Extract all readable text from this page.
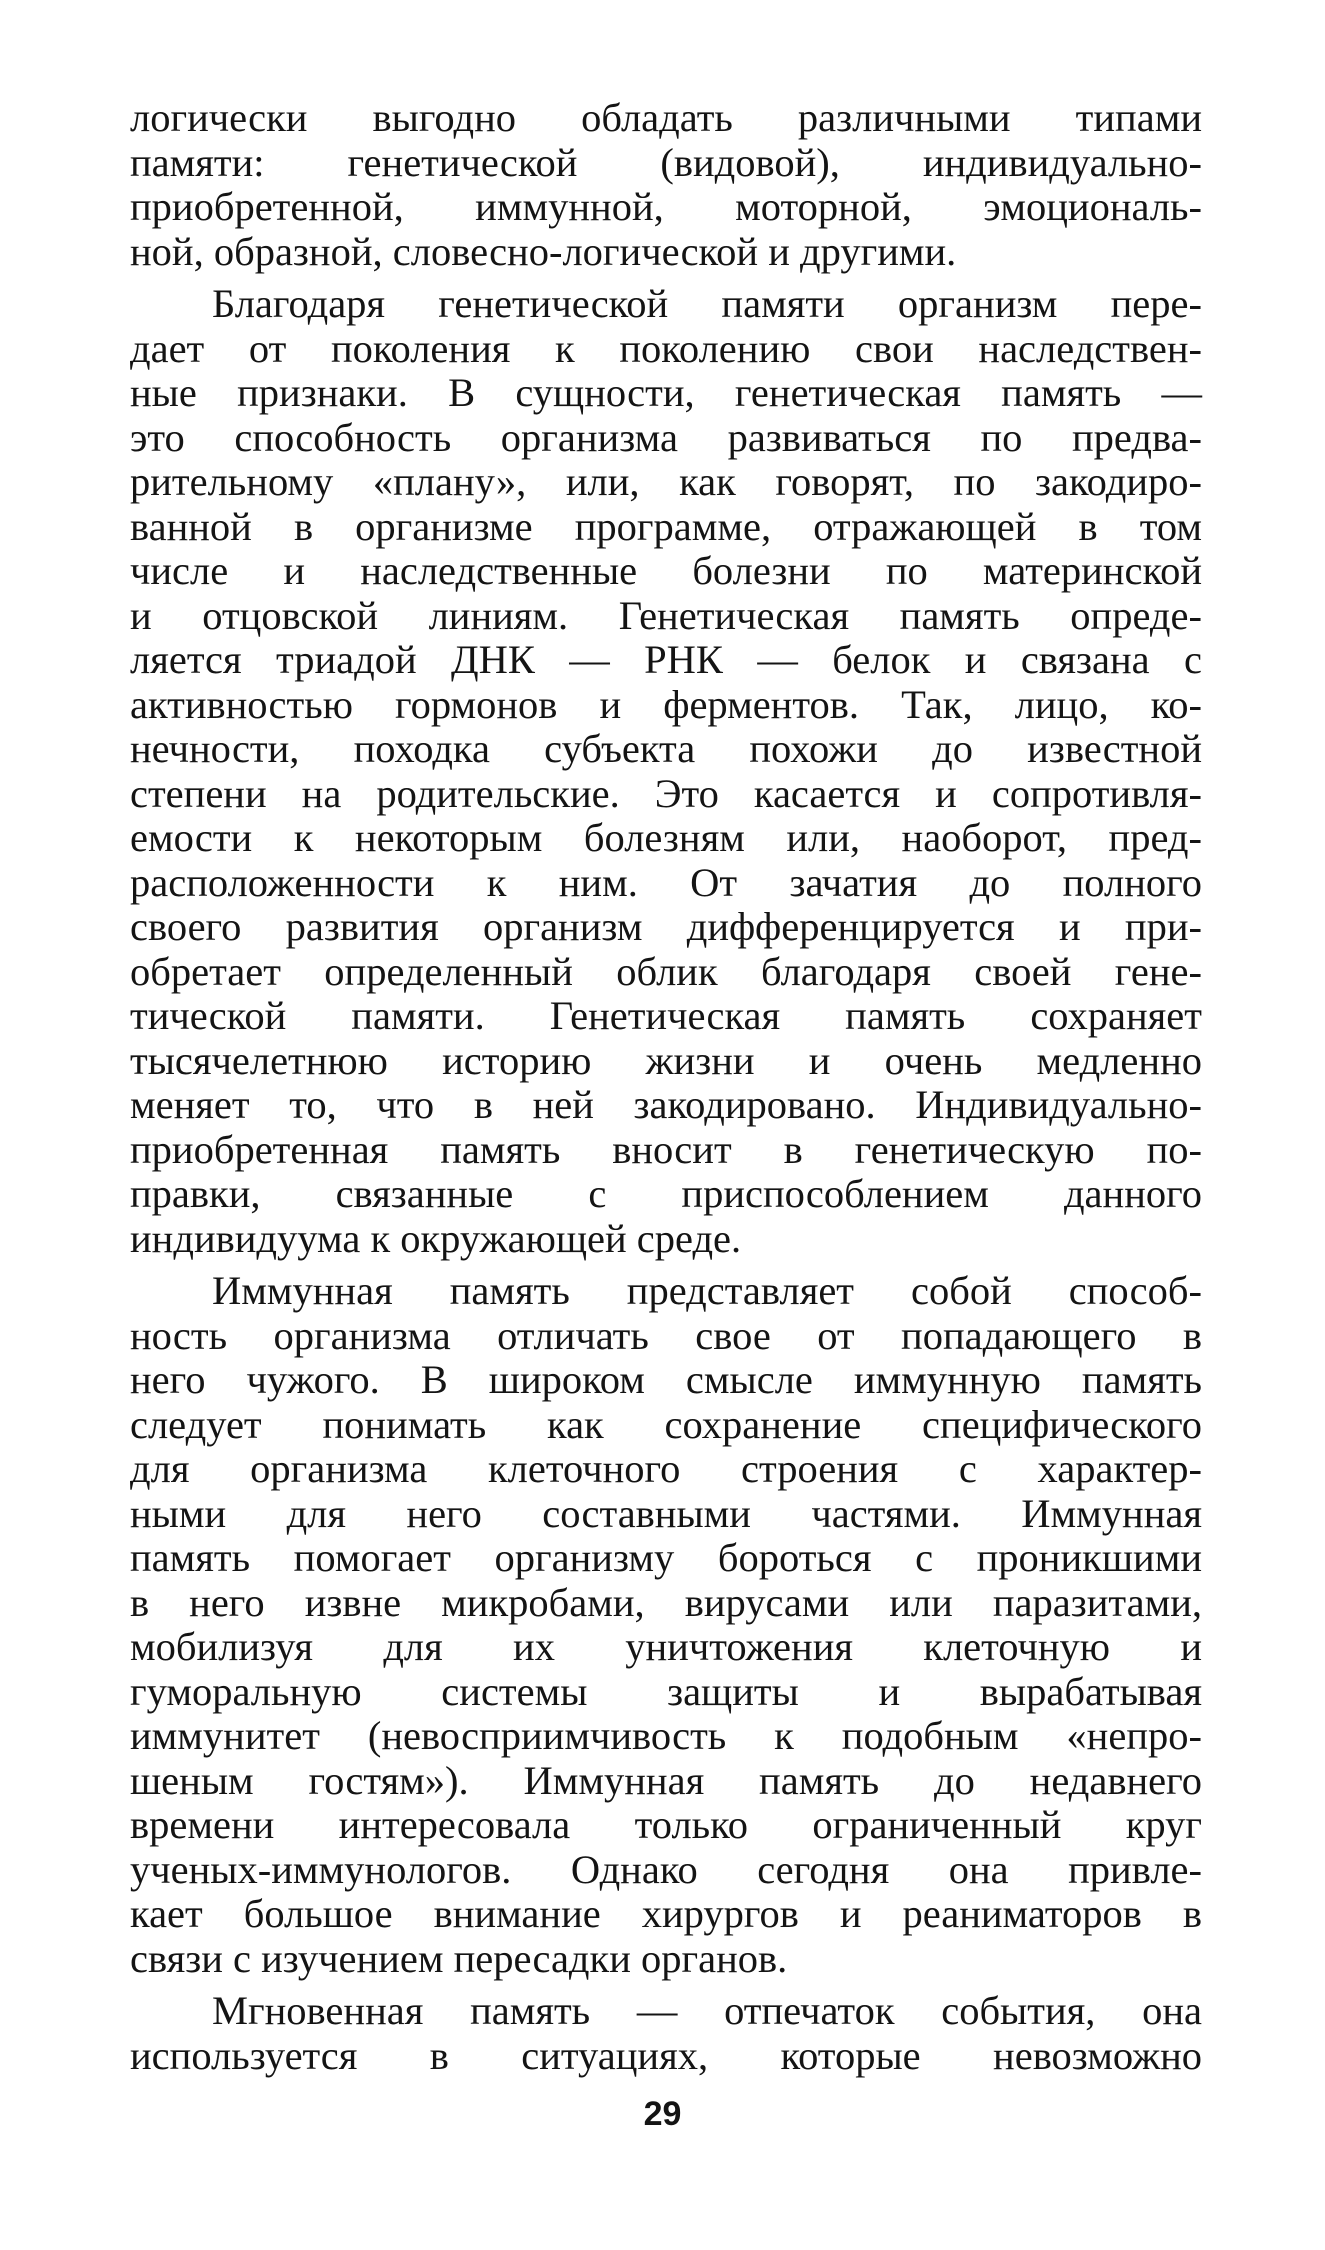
логически выгодно обладать различными типами
памяти: генетической (видовой), индивидуально-
приобретенной, иммунной, моторной, эмоциональ-
ной, образной, словесно-логической и другими.
Благодаря генетической памяти организм пере-
дает от поколения к поколению свои наследствен-
ные признаки. В сущности, генетическая память —
это способность организма развиваться по предва-
рительному «плану», или, как говорят, по закодиро-
ванной в организме программе, отражающей в том
числе и наследственные болезни по материнской
и отцовской линиям. Генетическая память опреде-
ляется триадой ДНК — РНК — белок и связана с
активностью гормонов и ферментов. Так, лицо, ко-
нечности, походка субъекта похожи до известной
степени на родительские. Это касается и сопротивля-
емости к некоторым болезням или, наоборот, пред-
расположенности к ним. От зачатия до полного
своего развития организм дифференцируется и при-
обретает определенный облик благодаря своей гене-
тической памяти. Генетическая память сохраняет
тысячелетнюю историю жизни и очень медленно
меняет то, что в ней закодировано. Индивидуально-
приобретенная память вносит в генетическую по-
правки, связанные с приспособлением данного
индивидуума к окружающей среде.
Иммунная память представляет собой способ-
ность организма отличать свое от попадающего в
него чужого. В широком смысле иммунную память
следует понимать как сохранение специфического
для организма клеточного строения с характер-
ными для него составными частями. Иммунная
память помогает организму бороться с проникшими
в него извне микробами, вирусами или паразитами,
мобилизуя для их уничтожения клеточную и
гуморальную системы защиты и вырабатывая
иммунитет (невосприимчивость к подобным «непро-
шеным гостям»). Иммунная память до недавнего
времени интересовала только ограниченный круг
ученых-иммунологов. Однако сегодня она привле-
кает большое внимание хирургов и реаниматоров в
связи с изучением пересадки органов.
Мгновенная память — отпечаток события, она
используется в ситуациях, которые невозможно
29
